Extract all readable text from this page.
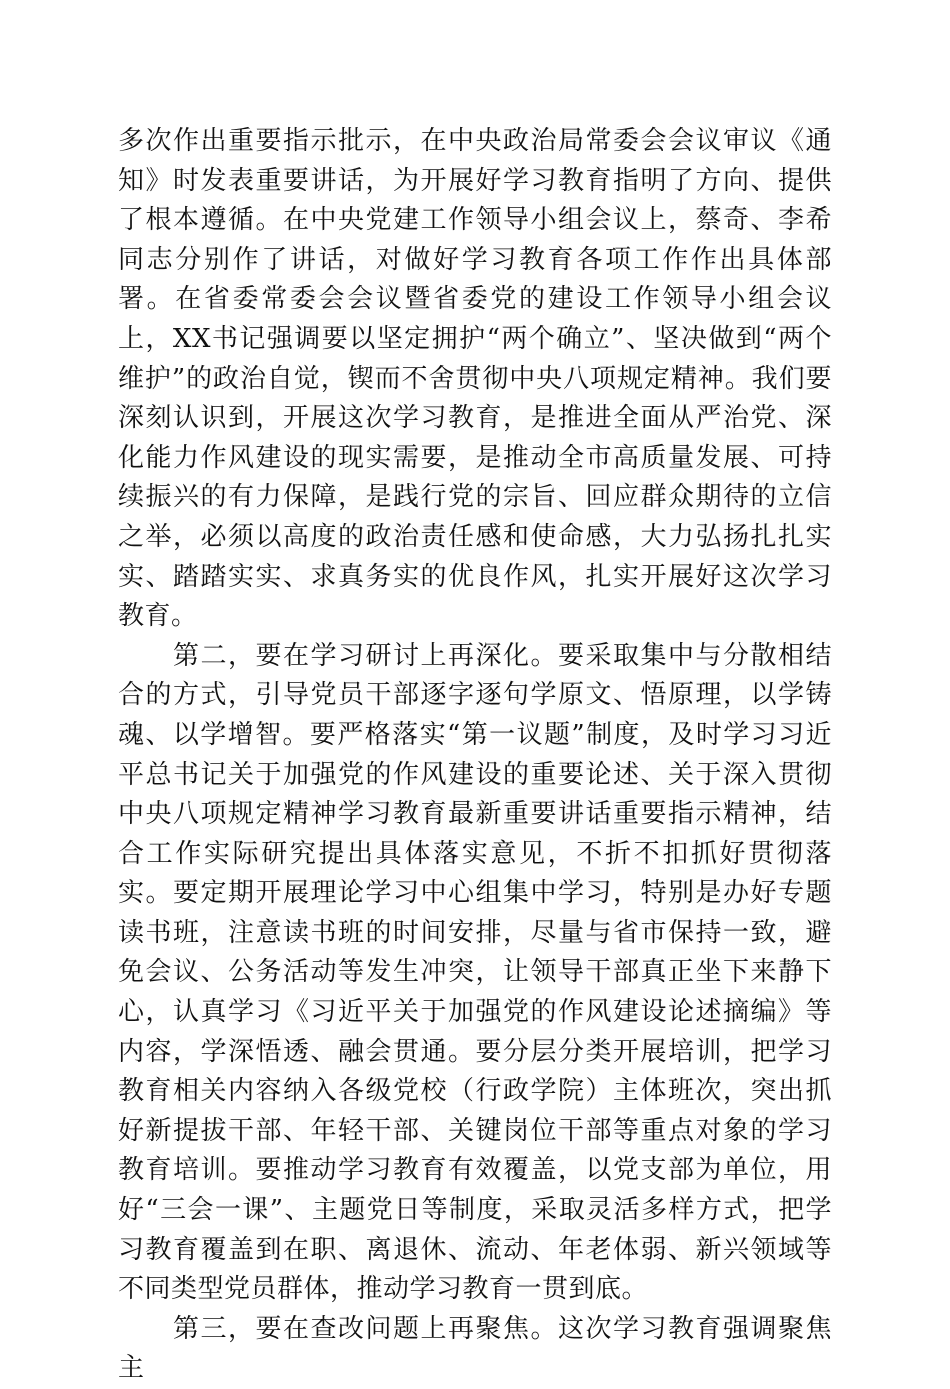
多次作出重要指示批示，在中央政治局常委会会议审议《通知》时发表重要讲话，为开展好学习教育指明了方向、提供了根本遵循。在中央党建工作领导小组会议上，蔡奇、李希同志分别作了讲话，对做好学习教育各项工作作出具体部署。在省委常委会会议暨省委党的建设工作领导小组会议上，XX书记强调要以坚定拥护“两个确立”、坚决做到“两个维护”的政治自觉，锲而不舍贯彻中央八项规定精神。我们要深刻认识到，开展这次学习教育，是推进全面从严治党、深化能力作风建设的现实需要，是推动全市高质量发展、可持续振兴的有力保障，是践行党的宗旨、回应群众期待的立信之举，必须以高度的政治责任感和使命感，大力弘扬扎扎实实、踏踏实实、求真务实的优良作风，扎实开展好这次学习教育。

第二，要在学习研讨上再深化。要采取集中与分散相结合的方式，引导党员干部逐字逐句学原文、悟原理，以学铸魂、以学增智。要严格落实“第一议题”制度，及时学习习近平总书记关于加强党的作风建设的重要论述、关于深入贯彻中央八项规定精神学习教育最新重要讲话重要指示精神，结合工作实际研究提出具体落实意见，不折不扣抓好贯彻落实。要定期开展理论学习中心组集中学习，特别是办好专题读书班，注意读书班的时间安排，尽量与省市保持一致，避免会议、公务活动等发生冲突，让领导干部真正坐下来静下心，认真学习《习近平关于加强党的作风建设论述摘编》等内容，学深悟透、融会贯通。要分层分类开展培训，把学习教育相关内容纳入各级党校（行政学院）主体班次，突出抓好新提拔干部、年轻干部、关键岗位干部等重点对象的学习教育培训。要推动学习教育有效覆盖，以党支部为单位，用好“三会一课”、主题党日等制度，采取灵活多样方式，把学习教育覆盖到在职、离退休、流动、年老体弱、新兴领域等不同类型党员群体，推动学习教育一贯到底。

第三，要在查改问题上再聚焦。这次学习教育强调聚焦主
